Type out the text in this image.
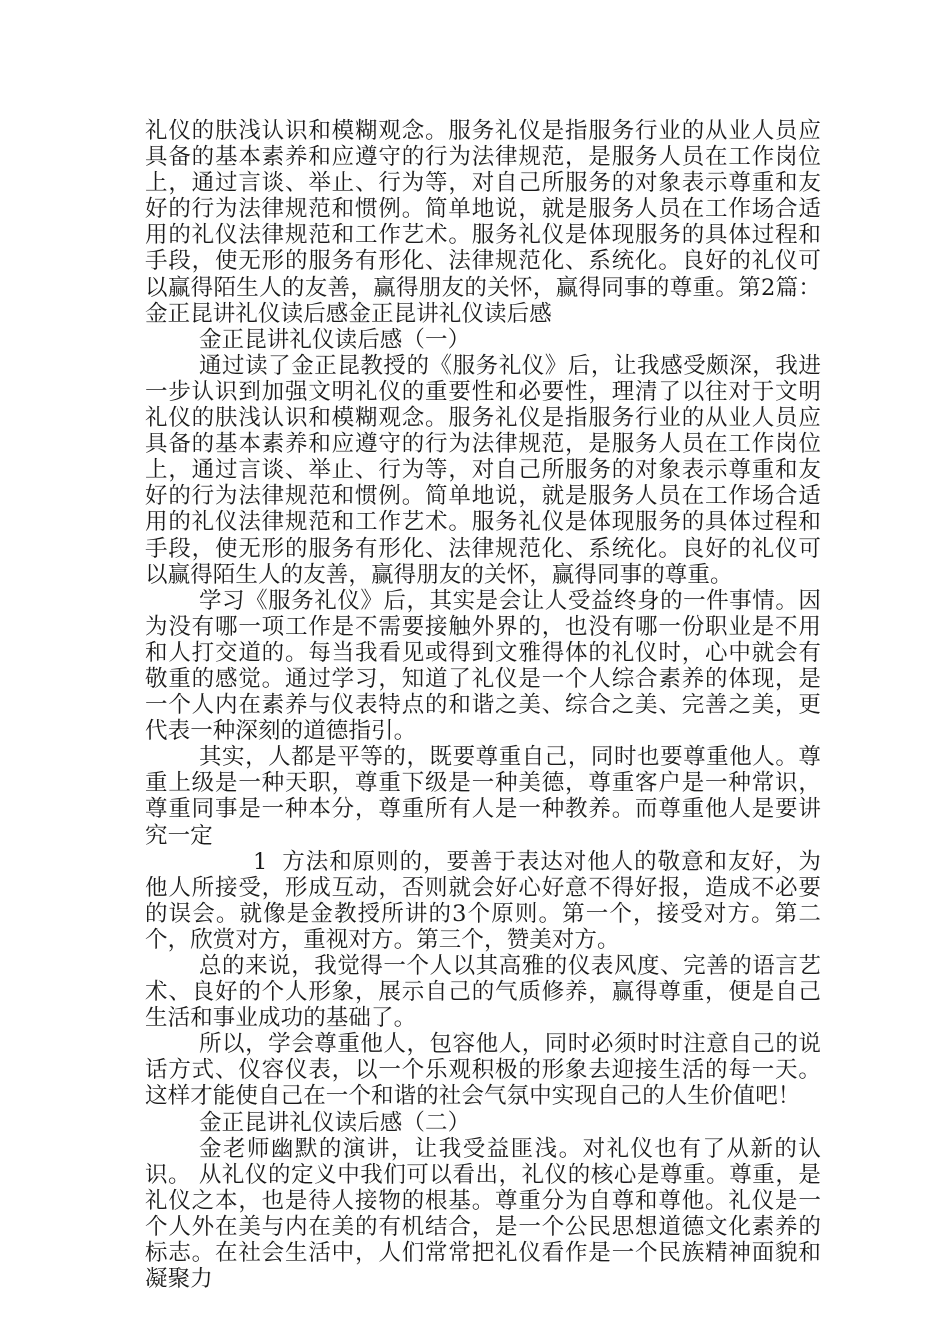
礼仪的肤浅认识和模糊观念。服务礼仪是指服务行业的从业人员应具备的基本素养和应遵守的行为法律规范，是服务人员在工作岗位上，通过言谈、举止、行为等，对自己所服务的对象表示尊重和友好的行为法律规范和惯例。简单地说，就是服务人员在工作场合适用的礼仪法律规范和工作艺术。服务礼仪是体现服务的具体过程和手段，使无形的服务有形化、法律规范化、系统化。良好的礼仪可以赢得陌生人的友善，赢得朋友的关怀，赢得同事的尊重。第2篇：金正昆讲礼仪读后感金正昆讲礼仪读后感

金正昆讲礼仪读后感（一）

通过读了金正昆教授的《服务礼仪》后，让我感受颇深，我进一步认识到加强文明礼仪的重要性和必要性，理清了以往对于文明礼仪的肤浅认识和模糊观念。服务礼仪是指服务行业的从业人员应具备的基本素养和应遵守的行为法律规范，是服务人员在工作岗位上，通过言谈、举止、行为等，对自己所服务的对象表示尊重和友好的行为法律规范和惯例。简单地说，就是服务人员在工作场合适用的礼仪法律规范和工作艺术。服务礼仪是体现服务的具体过程和手段，使无形的服务有形化、法律规范化、系统化。良好的礼仪可以赢得陌生人的友善，赢得朋友的关怀，赢得同事的尊重。

学习《服务礼仪》后，其实是会让人受益终身的一件事情。因为没有哪一项工作是不需要接触外界的，也没有哪一份职业是不用和人打交道的。每当我看见或得到文雅得体的礼仪时，心中就会有敬重的感觉。通过学习，知道了礼仪是一个人综合素养的体现，是一个人内在素养与仪表特点的和谐之美、综合之美、完善之美，更代表一种深刻的道德指引。

其实，人都是平等的，既要尊重自己，同时也要尊重他人。尊重上级是一种天职，尊重下级是一种美德，尊重客户是一种常识，尊重同事是一种本分，尊重所有人是一种教养。而尊重他人是要讲究一定

1 方法和原则的，要善于表达对他人的敬意和友好，为他人所接受，形成互动，否则就会好心好意不得好报，造成不必要的误会。就像是金教授所讲的3个原则。第一个，接受对方。第二个，欣赏对方，重视对方。第三个，赞美对方。

总的来说，我觉得一个人以其高雅的仪表风度、完善的语言艺术、良好的个人形象，展示自己的气质修养，赢得尊重，便是自己生活和事业成功的基础了。

所以，学会尊重他人，包容他人，同时必须时时注意自己的说话方式、仪容仪表，以一个乐观积极的形象去迎接生活的每一天。这样才能使自己在一个和谐的社会气氛中实现自己的人生价值吧！

金正昆讲礼仪读后感（二）

金老师幽默的演讲，让我受益匪浅。对礼仪也有了从新的认识。 从礼仪的定义中我们可以看出，礼仪的核心是尊重。尊重，是礼仪之本，也是待人接物的根基。尊重分为自尊和尊他。礼仪是一个人外在美与内在美的有机结合，是一个公民思想道德文化素养的标志。在社会生活中，人们常常把礼仪看作是一个民族精神面貌和凝聚力
